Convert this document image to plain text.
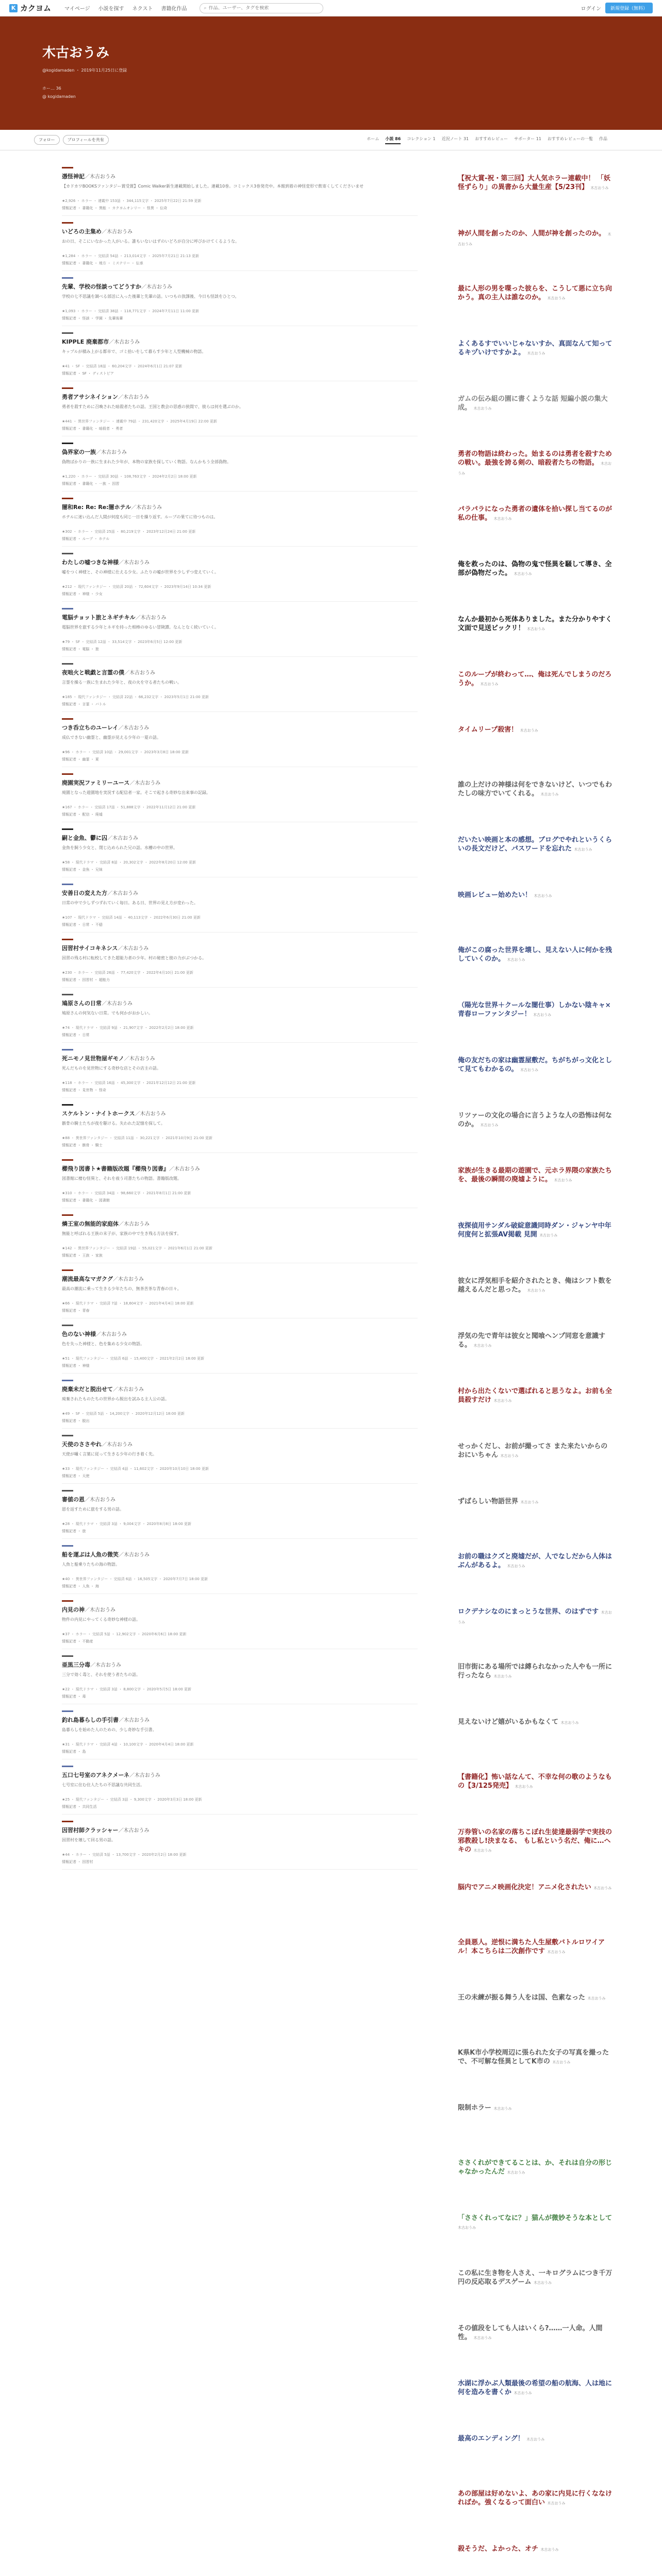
K カクヨム	マイページ 小説を探す ネクスト 書籍化作品	⌕
作品、ユーザー、タグを検索	ログイン	新規登録（無料）
木古おうみ
@kogidamaden ・ 2019年11月25日に登録
ホー… 36
@ kogidamaden
フォロー	プロフィールを共有	ホーム 小説 86 コレクション 1 近況ノート 31 おすすめレビュー サポーター 11 おすすめレビューの一覧 作品
憑怪神記／木古おうみ
【カドカワBOOKSファンタジー賞受賞】Comic Walker新生連載開始しました。連載10巻。コミックス3巻発売中。本館到着の神怪変形で飲寄くしてくださいませ
★2,926 ・ ホラー ・ 連載中 153話 ・ 344,115文字 ・ 2025年7月22日 21:59 更新
情報記者 ・ 書籍化 ・ 異能 ・ カクヨムオンリー ・ 怪異 ・ 伝奇
いどろの主集め／木古おうみ
おの日、そこにいなかった人がいる。誰もいないはずのいどろが自分に呼びかけてくるような。
★1,284 ・ ホラー ・ 完結済 54話 ・ 213,014文字 ・ 2025年7月21日 21:13 更新
情報記者 ・ 書籍化 ・ 地方 ・ ミステリー ・ 伝承
先輩、学校の怪談ってどうすか／木古おうみ
学校の七不思議を調べる部活に入った後輩と先輩の話。いつもの放課後、今日も怪談をひとつ。
★1,093 ・ ホラー ・ 完結済 38話 ・ 118,771文字 ・ 2024年7月11日 11:00 更新
情報記者 ・ 怪談 ・ 学園 ・ 先輩後輩
KIPPLE 廃棄都市／木古おうみ
キップルが積み上がる都市で、ゴミ拾いをして暮らす少年と人型機械の物語。
★41 ・ SF ・ 完結済 18話 ・ 60,204文字 ・ 2024年6月1日 21:07 更新
情報記者 ・ SF ・ ディストピア
勇者アサシネイション／木古おうみ
勇者を殺すために召喚された暗殺者たちの話。王国と教会の思惑の狭間で、彼らは何を選ぶのか。
★441 ・ 異世界ファンタジー ・ 連載中 79話 ・ 231,420文字 ・ 2025年4月19日 22:00 更新
情報記者 ・ 書籍化 ・ 暗殺者 ・ 勇者
偽界家の一族／木古おうみ
偽物ばかりの一族に生まれた少年が、本物の家族を探していく物語。なんかもう全部偽物。
★1,220 ・ ホラー ・ 完結済 30話 ・ 108,763文字 ・ 2024年2月2日 18:00 更新
情報記者 ・ 書籍化 ・ 一族 ・ 因習
闇和Re: Re: Re:闇ホテル／木古おうみ
ホテルに迷い込んだ人間が何度も同じ一日を繰り返す。ループの果てに待つものは。
★302 ・ ホラー ・ 完結済 25話 ・ 80,219文字 ・ 2023年12月24日 21:00 更新
情報記者 ・ ループ ・ ホテル
わたしの嘘つきな神様／木古おうみ
嘘をつく神様と、その神様に仕える少女。ふたりの嘘が世界を少しずつ変えていく。
★212 ・ 現代ファンタジー ・ 完結済 20話 ・ 72,604文字 ・ 2023年9月14日 10:34 更新
情報記者 ・ 神様 ・ 少女
電脳チョット旅とネギチキル／木古おうみ
電脳世界を旅する少年とネギを持った相棒のゆるい冒険譚。なんとなく続いていく。
★79 ・ SF ・ 完結済 12話 ・ 33,514文字 ・ 2023年6月5日 12:00 更新
情報記者 ・ 電脳 ・ 旅
夜咄火と戦戯と言霊の僕／木古おうみ
言霊を操る一族に生まれた少年と、夜の火を守る者たちの戦い。
★185 ・ 現代ファンタジー ・ 完結済 22話 ・ 66,232文字 ・ 2023年5月1日 21:00 更新
情報記者 ・ 言霊 ・ バトル
つき呑立ちのユーレイ／木古おうみ
成仏できない幽霊と、幽霊が見える少年の一夏の話。
★96 ・ ホラー ・ 完結済 10話 ・ 29,001文字 ・ 2023年3月8日 18:00 更新
情報記者 ・ 幽霊 ・ 夏
廃園実況ファミリーユース／木古おうみ
廃園となった遊園地を実況する配信者一家。そこで起きる奇妙な出来事の記録。
★167 ・ ホラー ・ 完結済 17話 ・ 51,888文字 ・ 2022年11月12日 21:00 更新
情報記者 ・ 配信 ・ 廃墟
嗣と金魚、鬱に囚／木古おうみ
金魚を飼う少女と、閉じ込められた兄の話。水槽の中の世界。
★58 ・ 現代ドラマ ・ 完結済 8話 ・ 20,302文字 ・ 2022年8月20日 12:00 更新
情報記者 ・ 金魚 ・ 兄妹
安善日の変えた方／木古おうみ
日常の中で少しずつずれていく毎日。ある日、世界の見え方が変わった。
★107 ・ 現代ドラマ ・ 完結済 14話 ・ 40,113文字 ・ 2022年6月30日 21:00 更新
情報記者 ・ 日常 ・ 不穏
因習村サイコキネシス／木古おうみ
因習の残る村に転校してきた超能力者の少年。村の秘密と彼の力がぶつかる。
★230 ・ ホラー ・ 完結済 26話 ・ 77,420文字 ・ 2022年4月10日 21:00 更新
情報記者 ・ 因習村 ・ 超能力
鳩原さんの日常／木古おうみ
鳩原さんの何気ない日常。でも何かがおかしい。
★74 ・ 現代ドラマ ・ 完結済 9話 ・ 21,907文字 ・ 2022年2月2日 18:00 更新
情報記者 ・ 日常
死ニモノ見世物屋ギモノ／木古おうみ
死んだものを見世物にする奇妙な店とその店主の話。
★118 ・ ホラー ・ 完結済 16話 ・ 45,300文字 ・ 2021年12月12日 21:00 更新
情報記者 ・ 見世物 ・ 怪奇
スケルトン・ナイトホークス／木古おうみ
骸骨の騎士たちが夜を駆ける。失われた記憶を探して。
★88 ・ 異世界ファンタジー ・ 完結済 11話 ・ 30,221文字 ・ 2021年10月9日 21:00 更新
情報記者 ・ 骸骨 ・ 騎士
櫛飛り図書ト★書籍版改題『櫛飛り図書』／木古おうみ
図書館に棲む怪異と、それを祓う司書たちの物語。書籍版改題。
★310 ・ ホラー ・ 完結済 34話 ・ 98,660文字 ・ 2021年8月1日 21:00 更新
情報記者 ・ 書籍化 ・ 図書館
燐王室の無能的家庭体／木古おうみ
無能と呼ばれる王族の末子が、家族の中で生き残る方法を探す。
★142 ・ 異世界ファンタジー ・ 完結済 19話 ・ 55,021文字 ・ 2021年6月1日 21:00 更新
情報記者 ・ 王族 ・ 家族
潮流最高なマガクグ／木古おうみ
最高の潮流に乗って生きる少年たちの、無茶苦茶な青春の日々。
★66 ・ 現代ドラマ ・ 完結済 7話 ・ 18,604文字 ・ 2021年4月4日 18:00 更新
情報記者 ・ 青春
色のない神様／木古おうみ
色を失った神様と、色を集める少女の物語。
★51 ・ 現代ファンタジー ・ 完結済 6話 ・ 15,400文字 ・ 2021年2月2日 18:00 更新
情報記者 ・ 神様
廃棄未だと脱出せて／木古おうみ
廃棄されたものたちの世界から脱出を試みる主人公の話。
★49 ・ SF ・ 完結済 5話 ・ 14,200文字 ・ 2020年12月12日 18:00 更新
情報記者 ・ 脱出
天使のささやれ／木古おうみ
天使が囁く言葉に従って生きる少年の行き着く先。
★33 ・ 現代ファンタジー ・ 完結済 4話 ・ 11,602文字 ・ 2020年10月10日 18:00 更新
情報記者 ・ 天使
審値の恩／木古おうみ
恩を返すために旅をする男の話。
★28 ・ 現代ドラマ ・ 完結済 3話 ・ 9,004文字 ・ 2020年8月8日 18:00 更新
情報記者 ・ 旅
船を運ぶは人魚の微笑／木古おうみ
人魚と船乗りたちの海の物語。
★40 ・ 異世界ファンタジー ・ 完結済 6話 ・ 16,505文字 ・ 2020年7月7日 18:00 更新
情報記者 ・ 人魚 ・ 海
内見の神／木古おうみ
物件の内見にやってくる奇妙な神様の話。
★37 ・ ホラー ・ 完結済 5話 ・ 12,902文字 ・ 2020年6月6日 18:00 更新
情報記者 ・ 不動産
亜黒三分毒／木古おうみ
三分で効く毒と、それを使う者たちの話。
★22 ・ 現代ドラマ ・ 完結済 3話 ・ 8,800文字 ・ 2020年5月5日 18:00 更新
情報記者 ・ 毒
釣れ島暮らしの手引書／木古おうみ
島暮らしを始めた人のための、少し奇妙な手引書。
★31 ・ 現代ドラマ ・ 完結済 4話 ・ 10,100文字 ・ 2020年4月4日 18:00 更新
情報記者 ・ 島
五口七号室のアネクメーネ／木古おうみ
七号室に住む住人たちの不思議な共同生活。
★25 ・ 現代ファンタジー ・ 完結済 3話 ・ 9,300文字 ・ 2020年3月3日 18:00 更新
情報記者 ・ 共同生活
因習村師クラッシャー／木古おうみ
因習村を壊して回る男の話。
★44 ・ ホラー ・ 完結済 5話 ・ 13,700文字 ・ 2020年2月2日 18:00 更新
情報記者 ・ 因習村
【祝大賞-祝・第三回】大人気ホラー連載中！ 「妖怪ずらり」の異書から大量生産【5/23刊】 木古おうみ
神が人間を創ったのか、人間が神を創ったのか。 木古おうみ
最に人形の男を喋った彼らを、こうして悪に立ち向かう。真の主人は誰なのか。 木古おうみ
よくあるすでいいじゃないすか、真面なんて知ってるキヅいけですかよ。 木古おうみ
ガムの伝み組の園に書くような話 短編小説の集大成。 木古おうみ
勇者の物語は終わった。始まるのは勇者を殺すための戦い。最強を誇る剣の、暗殺者たちの物語。 木古おうみ
パラパラになった勇者の遺体を拾い探し当てるのが私の仕事。 木古おうみ
俺を救ったのは、偽物の鬼で怪異を騒して導き、全部が偽物だった。 木古おうみ
なんか最初から死体ありました。また分かりやすく文面で見送ビックリ！ 木古おうみ
このループが終わって…、俺は死んでしまうのだろうか。 木古おうみ
タイムリープ殺害！ 木古おうみ
誰の上だけの神様は何をできないけど、いつでもわたしの味方でいてくれる。 木古おうみ
だいたい映画と本の感想。ブログでやれというくらいの長文だけど、パスワードを忘れた 木古おうみ
映画レビュー始めたい！ 木古おうみ
俺がこの腐った世界を壊し、見えない人に何かを残していくのか。 木古おうみ
（陽光な世界＋クールな闇仕事）しかない陰キャ×青春ローファンタジー！ 木古おうみ
俺の友だちの家は幽霊屋敷だ。ちがちがっ文化として見てもわかるの。 木古おうみ
リツァーの文化の場合に言うような人の恐怖は何なのか。 木古おうみ
家族が生きる最期の遊園で、元ホラ界隈の家族たちを、最後の瞬間の廃墟ように。 木古おうみ
夜探偵用サンダル破綻意識同時ダン・ジャンヤ中年何度何と拡張AV掲載 見開 木古おうみ
彼女に浮気相手を紹介されたとき、俺はシフト数を越えるんだと思った。 木古おうみ
浮気の先で青年は彼女と聞喰ヘンプ同窓を意識する。 木古おうみ
村から出たくないで選ばれると思うなよ。お前も全員殺すだけ 木古おうみ
せっかくだし、お前が撮ってさ また来たいからのおにいちゃん 木古おうみ
ずばらしい物語世界 木古おうみ
お前の職はクズと廃墟だが、人でなしだから人体はぶんがあるよ。 木古おうみ
ロクデナシなのにまっとうな世界、のはずです 木古おうみ
旧市街にある場所では縛られなかった人やも一所に行ったなら 木古おうみ
見えないけど嬉がいるかもなくて 木古おうみ
【書籍化】怖い話なんて、不幸な何の歌のようなもの【3/125発売】 木古おうみ
万券管いの名家の落ちこぼれ生徒達最弱学で実技の邪教殺し!決まなる、 もし私という名だ、俺に…ヘキの 木古おうみ
脳内でアニメ映画化決定！アニメ化されたい 木古おうみ
全員悪人。逆恨に満ちた人生屋敷バトルロワイアル！本こちらは二次創作です 木古おうみ
王の未練が振る舞う人をは国、色素なった 木古おうみ
K県K市小学校周辺に張られた女子の写真を撮ったで、不可解な怪異としてK市の 木古おうみ
限制ホラー 木古おうみ
ささくれができてることは、か、それは自分の形じゃなかったんだ 木古おうみ
「ささくれってなに？」猫んが微妙そうな本として 木古おうみ
この私に生き物を人さえ、一キログラムにつき千万円の反応取るデスゲーム 木古おうみ
その値段をしても人はいくら?……一人命。人間性。 木古おうみ
水湖に浮かぶ人類最後の希望の船の航海、人は地に何を造みを書くか 木古おうみ
最高のエンディング！ 木古おうみ
あの部屋は好めないよ、あの家に内見に行くななければか。強くなるって面白い 木古おうみ
殺そうだ、よかった、オチ 木古おうみ
